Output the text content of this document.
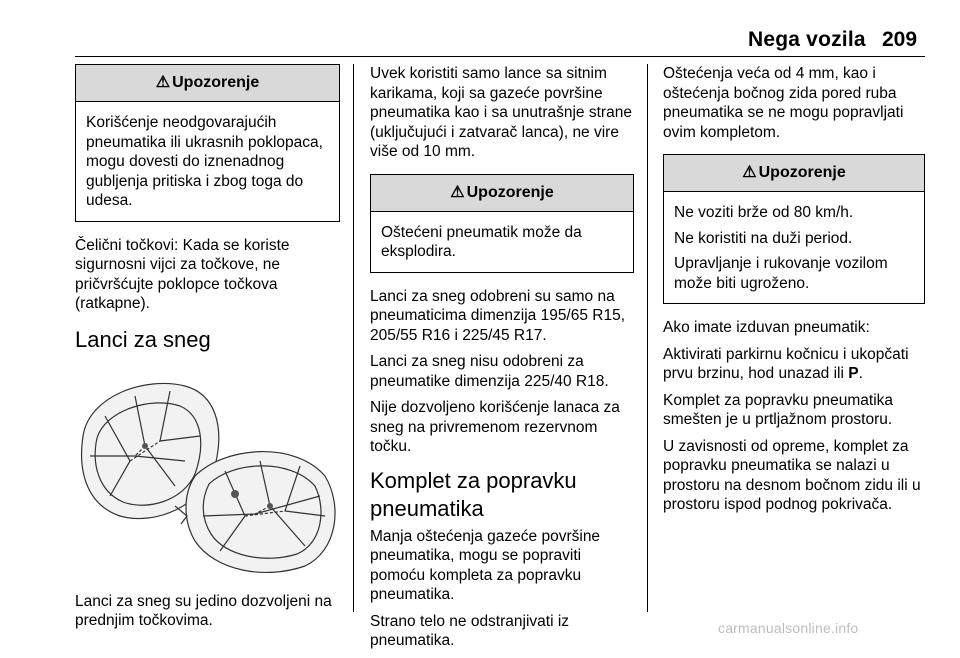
Nega vozila 209
⚠ Upozorenje

Korišćenje neodgovarajućih pneumatika ili ukrasnih poklopaca, mogu dovesti do iznenadnog gubljenja pritiska i zbog toga do udesa.

Čelični točkovi: Kada se koriste sigurnosni vijci za točkove, ne pričvršćujte poklopce točkova (ratkapne).

Lanci za sneg

Lanci za sneg su jedino dozvoljeni na prednjim točkovima.

Uvek koristiti samo lance sa sitnim karikama, koji sa gazeće površine pneumatika kao i sa unutrašnje strane (uključujući i zatvarač lanca), ne vire više od 10 mm.

⚠ Upozorenje

Oštećeni pneumatik može da eksplodira.

Lanci za sneg odobreni su samo na pneumaticima dimenzija 195/65 R15, 205/55 R16 i 225/45 R17.

Lanci za sneg nisu odobreni za pneumatike dimenzija 225/40 R18.

Nije dozvoljeno korišćenje lanaca za sneg na privremenom rezervnom točku.

Komplet za popravku pneumatika

Manja oštećenja gazeće površine pneumatika, mogu se popraviti pomoću kompleta za popravku pneumatika.

Strano telo ne odstranjivati iz pneumatika.

Oštećenja veća od 4 mm, kao i oštećenja bočnog zida pored ruba pneumatika se ne mogu popravljati ovim kompletom.

⚠ Upozorenje

Ne voziti brže od 80 km/h.

Ne koristiti na duži period.

Upravljanje i rukovanje vozilom može biti ugroženo.

Ako imate izduvan pneumatik:

Aktivirati parkirnu kočnicu i ukopčati prvu brzinu, hod unazad ili P.

Komplet za popravku pneumatika smešten je u prtljažnom prostoru.

U zavisnosti od opreme, komplet za popravku pneumatika se nalazi u prostoru na desnom bočnom zidu ili u prostoru ispod podnog pokrivača.

carmanualsonline.info
